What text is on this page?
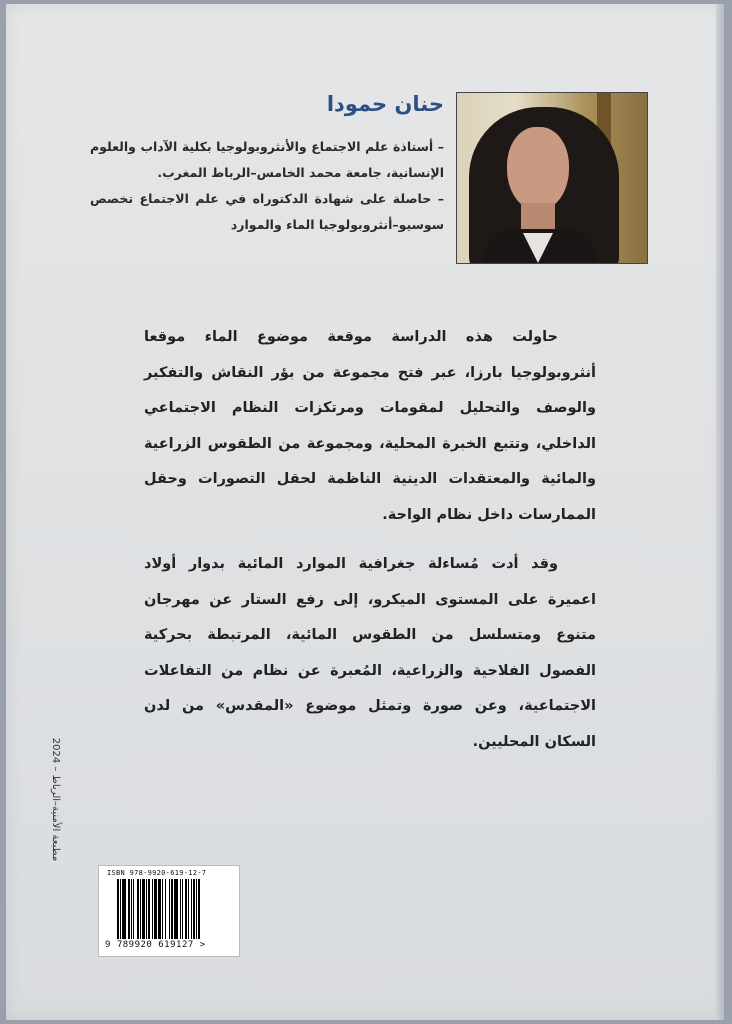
حنان حمودا

– أستاذة علم الاجتماع والأنثروبولوجيا بكلية الآداب والعلوم الإنسانية، جامعة محمد الخامس–الرباط المغرب.

– حاصلة على شهادة الدكتوراه في علم الاجتماع تخصص سوسيو–أنثروبولوجيا الماء والموارد

حاولت هذه الدراسة موقعة موضوع الماء موقعا أنثروبولوجيا بارزا، عبر فتح مجموعة من بؤر النقاش والتفكير والوصف والتحليل لمقومات ومرتكزات النظام الاجتماعي الداخلي، وتتبع الخبرة المحلية، ومجموعة من الطقوس الزراعية والمائية والمعتقدات الدينية الناظمة لحقل التصورات وحقل الممارسات داخل نظام الواحة.

وقد أدت مُساءلة جغرافية الموارد المائية بدوار أولاد اعميرة على المستوى الميكرو، إلى رفع الستار عن مهرجان متنوع ومتسلسل من الطقوس المائية، المرتبطة بحركية الفصول الفلاحية والزراعية، المُعبرة عن نظام من التفاعلات الاجتماعية، وعن صورة وتمثل موضوع «المقدس» من لدن السكان المحليين.

مطبعة الأمنية–الرباط – 2024
ISBN 978-9920-619-12-7
9 789920 619127 >
